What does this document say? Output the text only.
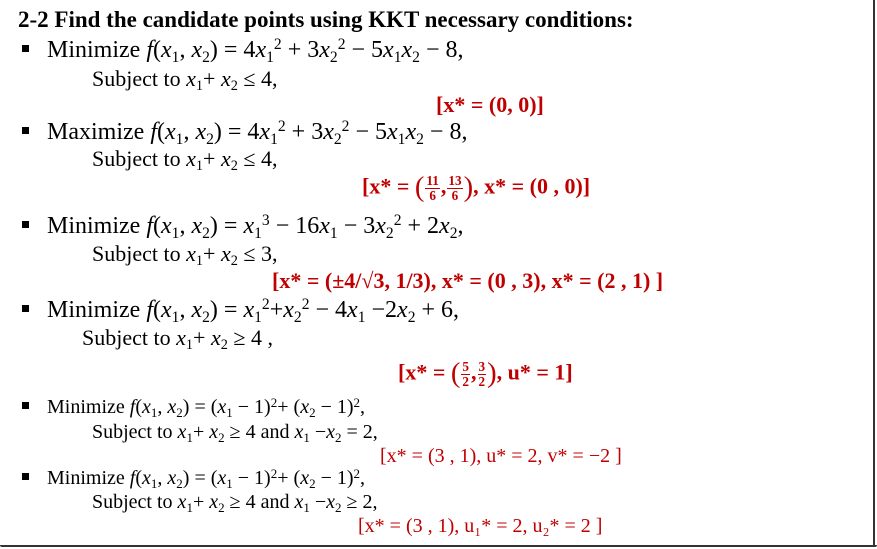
2-2 Find the candidate points using KKT necessary conditions:
Minimize $f(x_1$, $x_2) = 4x_1^2 + 3x_2^2 - 5x_1x_2 - 8$,
Subject to $x_1+ x_2 \le 4$,
[x* = (0, 0)]
Maximize $f(x_1$, $x_2) = 4x_1^2 + 3x_2^2 - 5x_1x_2 - 8$,
Subject to $x_1+ x_2 \le 4$,
[x* = ( $\frac{11}{6}$ , $\frac{13}{6}$ ), x* = (0 , 0)]
Minimize $f(x_1$, $x_2) = x_1^3 - 16x_1 - 3x_2^2 + 2x_2$,
Subject to $x_1+ x_2 \le 3$,
[x* = (±4/√3, 1/3), x* = (0 , 3), x* = (2 , 1) ]
Minimize $f(x_1$, $x_2) = x_1^2+x_2^2 - 4x_1 -2x_2 + 6$,
Subject to $x_1+ x_2 \ge 4$ ,
[x* = ( $\frac{5}{2}$ , $\frac{3}{2}$ ), u* = 1]
Minimize $f(x_1$, $x_2) = (x_1 - 1)^2+ (x_2 - 1)^2$,
Subject to $x_1+ x_2 \ge 4$ and $x_1 -x_2 = 2$,
[x* = (3 , 1), u* = 2, v* = −2 ]
Minimize $f(x_1$, $x_2) = (x_1 - 1)^2+ (x_2 - 1)^2$,
Subject to $x_1+ x_2 \ge 4$ and $x_1 -x_2 \ge 2$,
[x* = (3 , 1), u₁* = 2, u₂* = 2 ]
